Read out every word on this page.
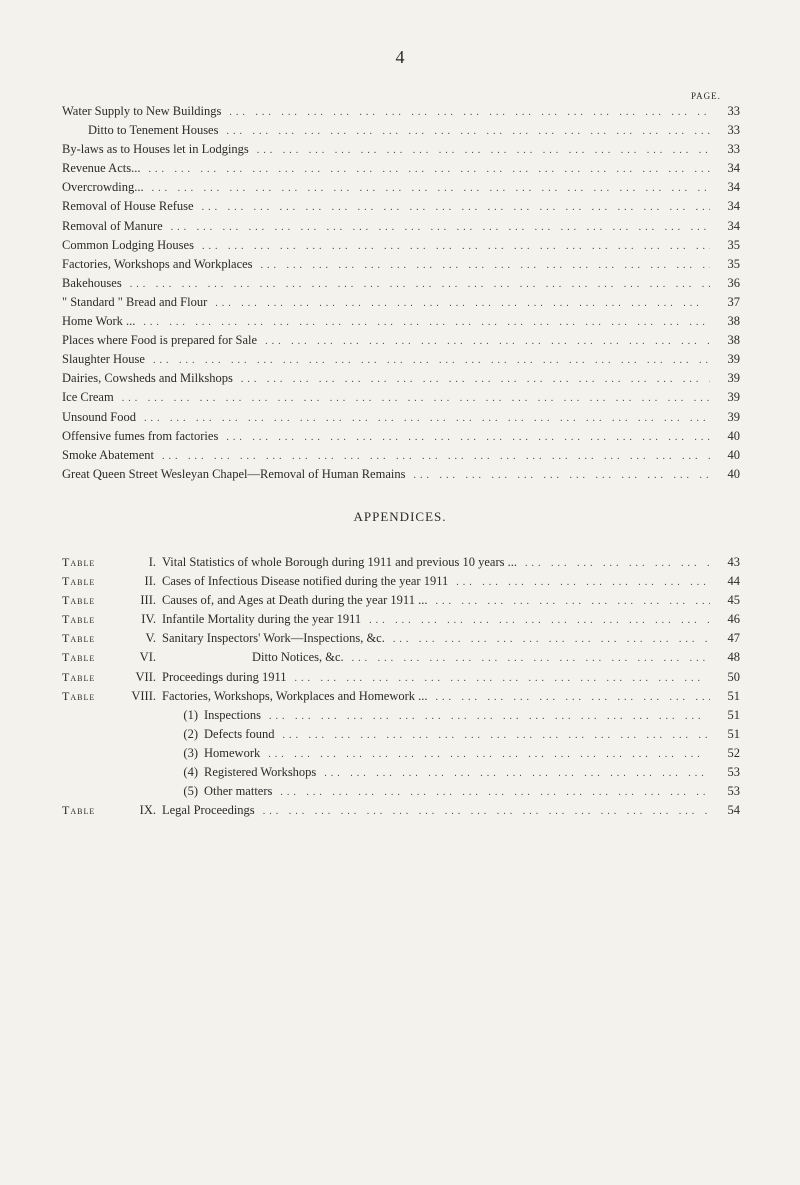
4
PAGE.
Water Supply to New Buildings ... .	33
Ditto to Tenement Houses ... .	33
By-laws as to Houses let in Lodgings ... .	33
Revenue Acts... ... .	34
Overcrowding... ... .	34
Removal of House Refuse ... .	34
Removal of Manure ... .	34
Common Lodging Houses ... .	35
Factories, Workshops and Workplaces ... .	35
Bakehouses ... .	36
" Standard " Bread and Flour ... .	37
Home Work ... ... .	38
Places where Food is prepared for Sale ... .	38
Slaughter House ... .	39
Dairies, Cowsheds and Milkshops ... .	39
Ice Cream ... .	39
Unsound Food ... .	39
Offensive fumes from factories ... .	40
Smoke Abatement ... .	40
Great Queen Street Wesleyan Chapel—Removal of Human Remains ... .	40
APPENDICES.
Table	I. Vital Statistics of whole Borough during 1911 and previous 10 years ... ... .	43
Table	II. Cases of Infectious Disease notified during the year 1911 ... .	44
Table	III. Causes of, and Ages at Death during the year 1911 ... ... .	45
Table	IV. Infantile Mortality during the year 1911 ... .	46
Table	V. Sanitary Inspectors' Work—Inspections, &c. ... .	47
Table	VI.	Ditto Notices, &c. ... .	48
Table	VII. Proceedings during 1911 ... .	50
Table	VIII. Factories, Workshops, Workplaces and Homework ... ... .	51
(1) Inspections ... .	51
(2) Defects found ... .	51
(3) Homework ... .	52
(4) Registered Workshops ... .	53
(5) Other matters ... .	53
Table	IX. Legal Proceedings ... .	54
